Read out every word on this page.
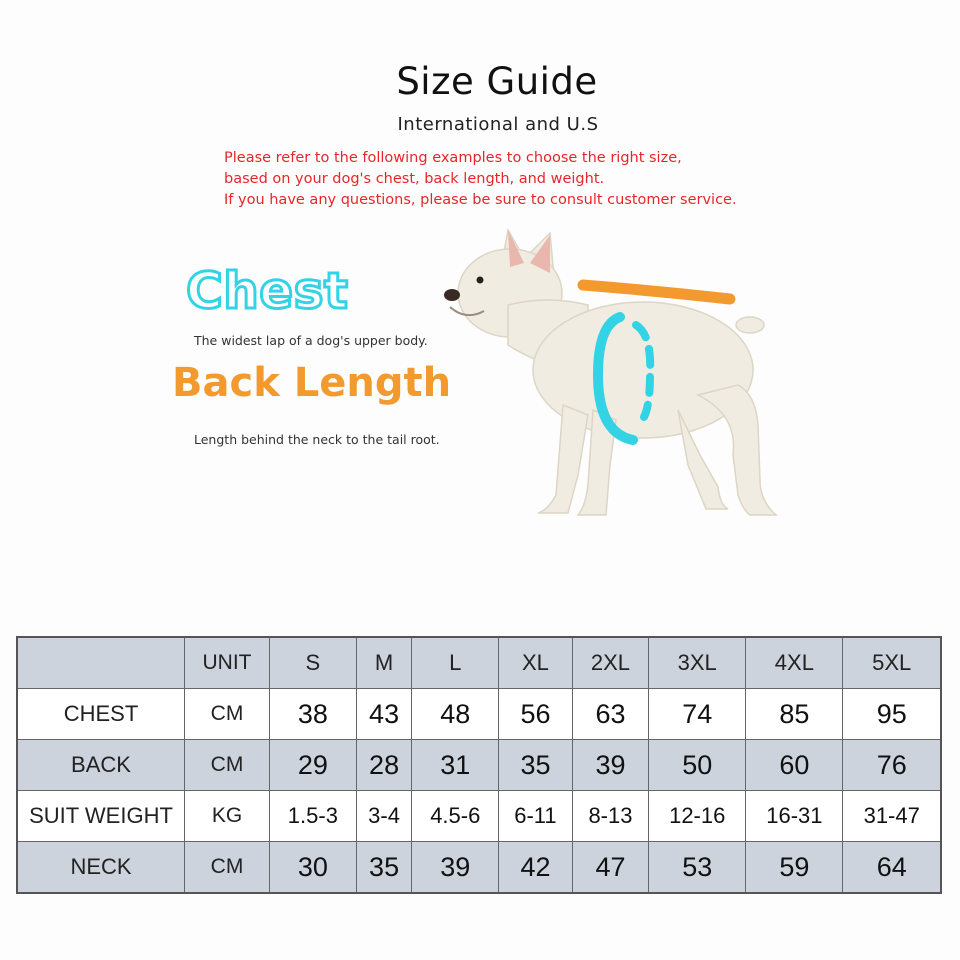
Size Guide
International and U.S
Please refer to the following examples to choose the right size,
based on your dog's chest, back length, and weight.
If you have any questions, please be sure to consult customer service.
Chest
The widest lap of a dog's upper body.
Back Length
Length behind the neck to the tail root.
	UNIT	S	M	L	XL	2XL	3XL	4XL	5XL
CHEST	CM	38	43	48	56	63	74	85	95
BACK	CM	29	28	31	35	39	50	60	76
SUIT WEIGHT	KG	1.5-3	3-4	4.5-6	6-11	8-13	12-16	16-31	31-47
NECK	CM	30	35	39	42	47	53	59	64
